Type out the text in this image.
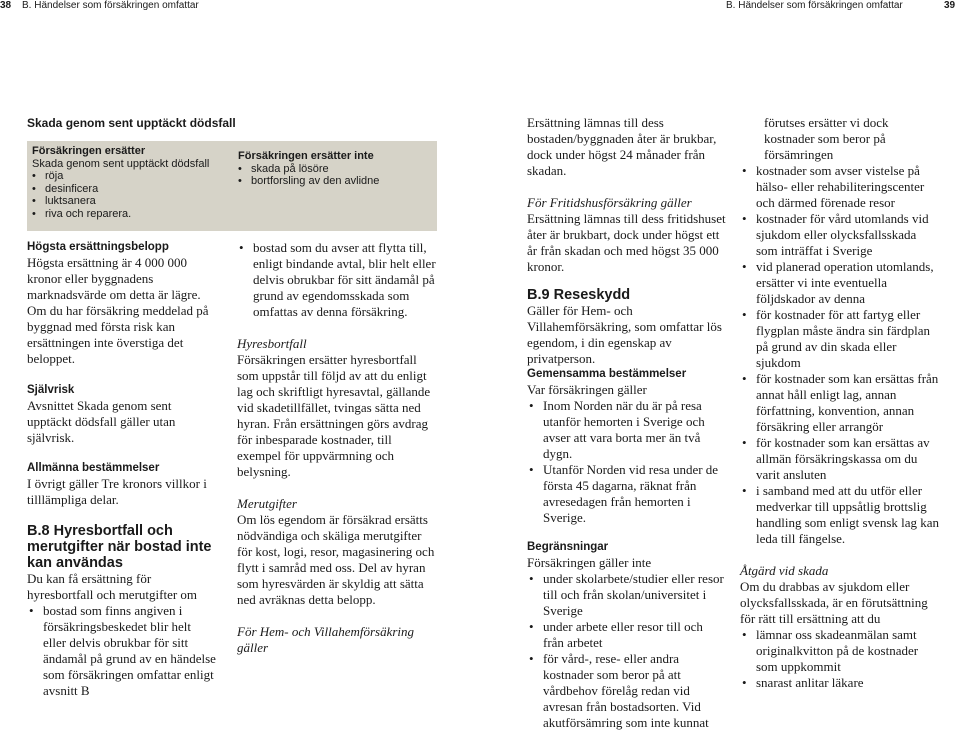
38 B. Händelser som försäkringen omfattar	B. Händelser som försäkringen omfattar	39
Skada genom sent upptäckt dödsfall
Försäkringen ersätter
Skada genom sent upptäckt dödsfall
• röja
• desinficera
• luktsanera
• riva och reparera.
Försäkringen ersätter inte
• skada på lösöre
• bortforsling av den avlidne

Högsta ersättningsbelopp

Högsta ersättning är 4 000 000 kronor eller byggnadens marknadsvärde om detta är lägre.

Om du har försäkring meddelad på byggnad med första risk kan ersättningen inte överstiga det beloppet.

Självrisk

Avsnittet Skada genom sent upptäckt dödsfall gäller utan självrisk.

Allmänna bestämmelser

I övrigt gäller Tre kronors villkor i tilllämpliga delar.

B.8 Hyresbortfall och merutgifter när bostad inte kan användas

Du kan få ersättning för hyresbortfall och merutgifter om

• bostad som finns angiven i försäkringsbeskedet blir helt eller delvis obrukbar för sitt ändamål på grund av en händelse som försäkringen omfattar enligt avsnitt B
• bostad som du avser att flytta till, enligt bindande avtal, blir helt eller delvis obrukbar för sitt ändamål på grund av egendomsskada som omfattas av denna försäkring.

Hyresbortfall

Försäkringen ersätter hyresbortfall som uppstår till följd av att du enligt lag och skriftligt hyresavtal, gällande vid skadetillfället, tvingas sätta ned hyran. Från ersättningen görs avdrag för inbesparade kostnader, till exempel för uppvärmning och belysning.

Merutgifter

Om lös egendom är försäkrad ersätts nödvändiga och skäliga merutgifter för kost, logi, resor, magasinering och flytt i samråd med oss. Del av hyran som hyresvärden är skyldig att sätta ned avräknas detta belopp.

För Hem- och Villahemförsäkring gäller

Ersättning lämnas till dess bostaden/byggnaden åter är brukbar, dock under högst 24 månader från skadan.

För Fritidshusförsäkring gäller

Ersättning lämnas till dess fritidshuset åter är brukbart, dock under högst ett år från skadan och med högst 35 000 kronor.

B.9 Reseskydd

Gäller för Hem- och Villahemförsäkring, som omfattar lös egendom, i din egenskap av privatperson.

Gemensamma bestämmelser

Var försäkringen gäller

• Inom Norden när du är på resa utanför hemorten i Sverige och avser att vara borta mer än två dygn.
• Utanför Norden vid resa under de första 45 dagarna, räknat från avresedagen från hemorten i Sverige.

Begränsningar

Försäkringen gäller inte

• under skolarbete/studier eller resor till och från skolan/universitet i Sverige
• under arbete eller resor till och från arbetet
• för vård-, rese- eller andra kostnader som beror på att vårdbehov förelåg redan vid avresan från bostadsorten. Vid akutförsämring som inte kunnat

förutses ersätter vi dock kostnader som beror på försämringen

• kostnader som avser vistelse på hälso- eller rehabiliteringscenter och därmed förenade resor
• kostnader för vård utomlands vid sjukdom eller olycksfallsskada som inträffat i Sverige
• vid planerad operation utomlands, ersätter vi inte eventuella följdskador av denna
• för kostnader för att fartyg eller flygplan måste ändra sin färdplan på grund av din skada eller sjukdom
• för kostnader som kan ersättas från annat håll enligt lag, annan författning, konvention, annan försäkring eller arrangör
• för kostnader som kan ersättas av allmän försäkringskassa om du varit ansluten
• i samband med att du utför eller medverkar till uppsåtlig brottslig handling som enligt svensk lag kan leda till fängelse.

Åtgärd vid skada

Om du drabbas av sjukdom eller olycksfallsskada, är en förutsättning för rätt till ersättning att du

• lämnar oss skadeanmälan samt originalkvitton på de kostnader som uppkommit
• snarast anlitar läkare
